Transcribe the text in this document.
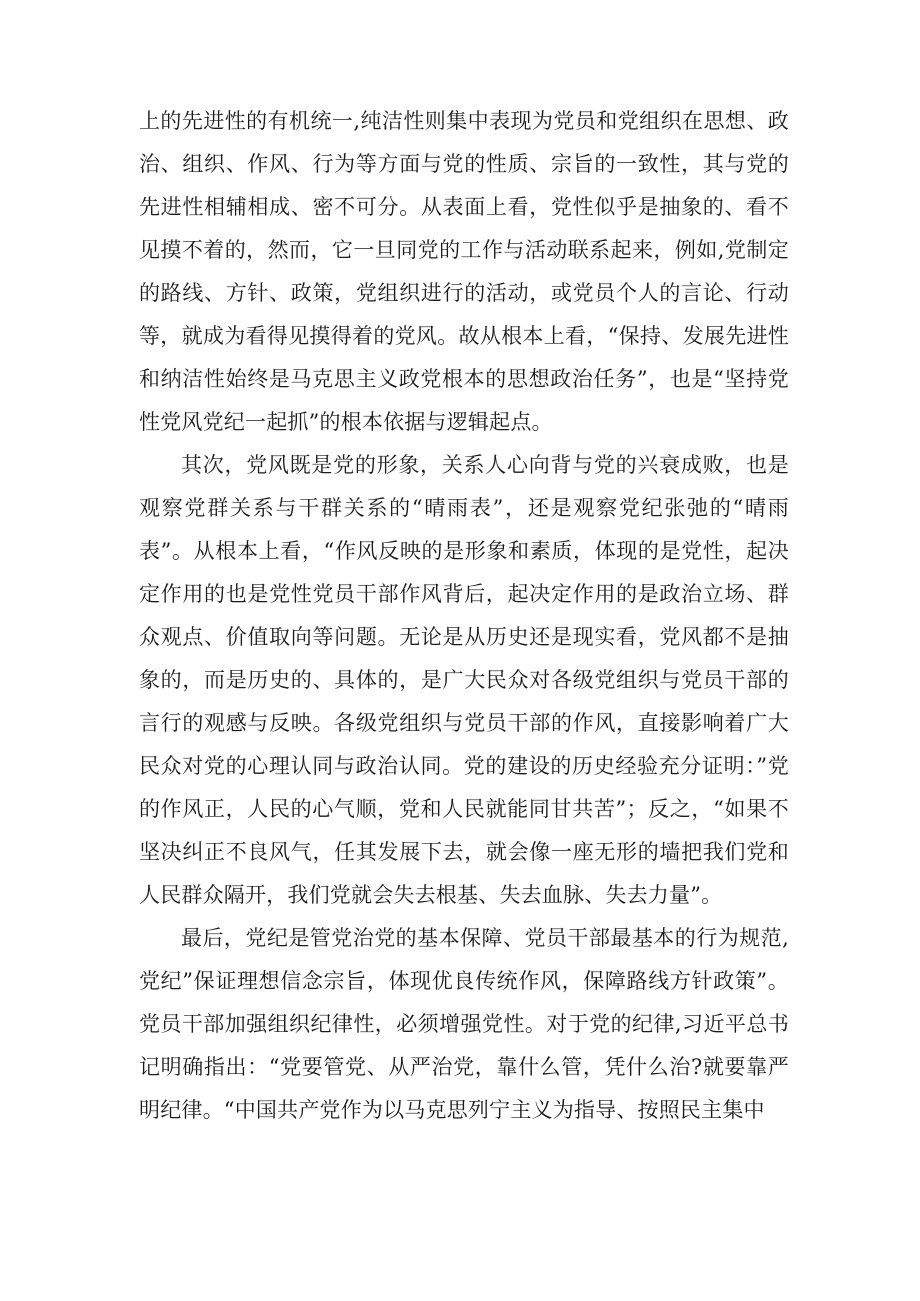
上的先进性的有机统一,纯洁性则集中表现为党员和党组织在思想、政治、组织、作风、行为等方面与党的性质、宗旨的一致性，其与党的先进性相辅相成、密不可分。从表面上看，党性似乎是抽象的、看不见摸不着的，然而，它一旦同党的工作与活动联系起来，例如,党制定的路线、方针、政策，党组织进行的活动，或党员个人的言论、行动等，就成为看得见摸得着的党风。故从根本上看，“保持、发展先进性和纳洁性始终是马克思主义政党根本的思想政治任务”，也是“坚持党性党风党纪一起抓”的根本依据与逻辑起点。

其次，党风既是党的形象，关系人心向背与党的兴衰成败，也是观察党群关系与干群关系的“晴雨表”，还是观察党纪张弛的“晴雨表”。从根本上看，“作风反映的是形象和素质，体现的是党性，起决定作用的也是党性党员干部作风背后，起决定作用的是政治立场、群众观点、价值取向等问题。无论是从历史还是现实看，党风都不是抽象的，而是历史的、具体的，是广大民众对各级党组织与党员干部的言行的观感与反映。各级党组织与党员干部的作风，直接影响着广大民众对党的心理认同与政治认同。党的建设的历史经验充分证明：”党的作风正，人民的心气顺，党和人民就能同甘共苦”；反之，“如果不坚决纠正不良风气，任其发展下去，就会像一座无形的墙把我们党和人民群众隔开，我们党就会失去根基、失去血脉、失去力量”。

最后，党纪是管党治党的基本保障、党员干部最基本的行为规范,党纪”保证理想信念宗旨，体现优良传统作风，保障路线方针政策”。党员干部加强组织纪律性，必须增强党性。对于党的纪律,习近平总书记明确指出：“党要管党、从严治党，靠什么管，凭什么治?就要靠严明纪律。“中国共产党作为以马克思列宁主义为指导、按照民主集中
